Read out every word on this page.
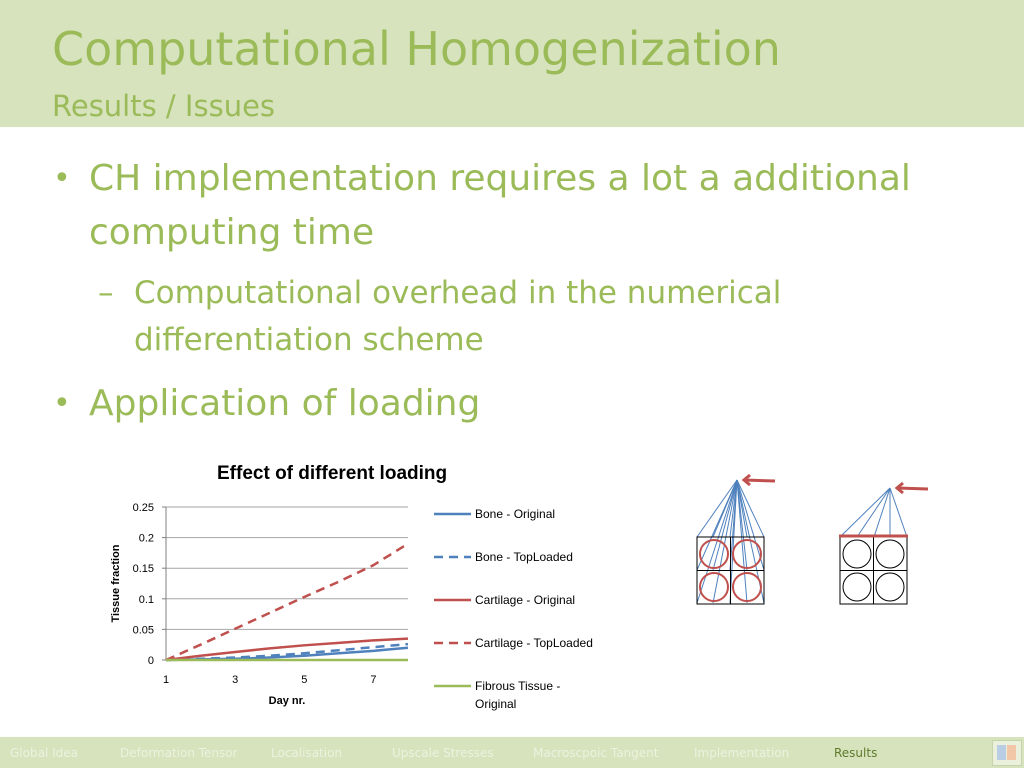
Computational Homogenization
Results / Issues
• CH implementation requires a lot a additional
computing time
– Computational overhead in the numerical
differentiation scheme
• Application of loading
Effect of different loading
0
0.05
0.1
0.15
0.2
0.25
1	3	5	7
Day nr.
Tissue fraction
Bone - Original
Bone - TopLoaded
Cartilage - Original
Cartilage - TopLoaded
Fibrous Tissue -
Original
Global Idea	Deformation Tensor	Localisation	Upscale Stresses	Macroscpoic Tangent	Implementation	Results
